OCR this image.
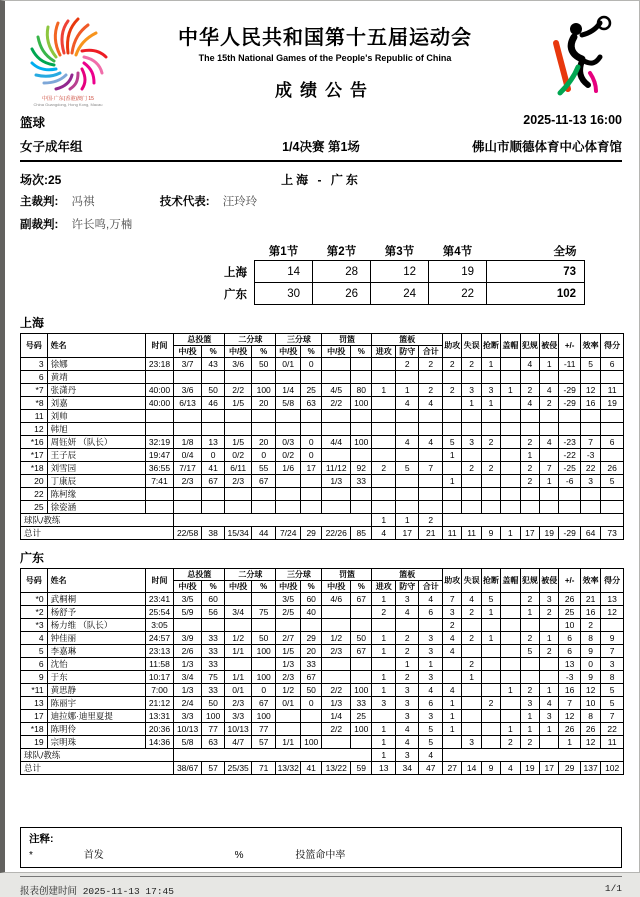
中国·广东(香港)澳门 15
China Guangdong, Hong Kong, Macau
中华人民共和国第十五届运动会
The 15th National Games of the People's Republic of China
成绩公告
篮球	2025-11-13 16:00
女子成年组	1/4决赛 第1场	佛山市顺德体育中心体育馆
场次:25	上海 - 广东
主裁判: 冯祺	技术代表: 汪玲玲
副裁判: 许长鸣,万楠
	第1节	第2节	第3节	第4节	全场
上海	14	28	12	19	73
广东	30	26	24	22	102
上海
号码	姓名	时间	总投篮		二分球		三分球		罚篮		篮板			助攻	失误	抢断	盖帽	犯规	被侵	+/-	效率	得分
			中/投	%	中/投	%	中/投	%	中/投	%	进攻	防守	合计									
3	徐娜	23:18	3/7	43	3/6	50	0/1	0				2	2	2	2	1		4	1	-11	5	6
6	黄靖																					
*7	张潇丹	40:00	3/6	50	2/2	100	1/4	25	4/5	80	1	1	2	2	3	3	1	2	4	-29	12	11
*8	刘嘉	40:00	6/13	46	1/5	20	5/8	63	2/2	100		4	4		1	1		4	2	-29	16	19
11	刘帅																					
12	韩旭																					
*16	周钰妍 （队长）	32:19	1/8	13	1/5	20	0/3	0	4/4	100		4	4	5	3	2		2	4	-23	7	6
*17	王子辰	19:47	0/4	0	0/2	0	0/2	0						1				1		-22	-3	
*18	刘雪园	36:55	7/17	41	6/11	55	1/6	17	11/12	92	2	5	7		2	2		2	7	-25	22	26
20	丁康辰	7:41	2/3	67	2/3	67			1/3	33				1				2	1	-6	3	5
22	陈柯缘																					
25	徐姿涵																					
球队/教练											1	1	2									
总计			22/58	38	15/34	44	7/24	29	22/26	85	4	17	21	11	11	9	1	17	19	-29	64	73
广东
号码	姓名	时间	总投篮		二分球		三分球		罚篮		篮板			助攻	失误	抢断	盖帽	犯规	被侵	+/-	效率	得分
			中/投	%	中/投	%	中/投	%	中/投	%	进攻	防守	合计									
*0	武桐桐	23:41	3/5	60			3/5	60	4/6	67	1	3	4	7	4	5		2	3	26	21	13
*2	杨舒予	25:54	5/9	56	3/4	75	2/5	40			2	4	6	3	2	1		1	2	25	16	12
*3	杨力维 （队长）	3:05												2						10	2	
4	钟佳丽	24:57	3/9	33	1/2	50	2/7	29	1/2	50	1	2	3	4	2	1		2	1	6	8	9
5	李嘉琳	23:13	2/6	33	1/1	100	1/5	20	2/3	67	1	2	3	4				5	2	6	9	7
6	沈怡	11:58	1/3	33			1/3	33				1	1		2					13	0	3
9	于东	10:17	3/4	75	1/1	100	2/3	67			1	2	3		1					-3	9	8
*11	黄思静	7:00	1/3	33	0/1	0	1/2	50	2/2	100	1	3	4	4			1	2	1	16	12	5
13	陈丽宇	21:12	2/4	50	2/3	67	0/1	0	1/3	33	3	3	6	1		2		3	4	7	10	5
17	迪拉娜·迪里夏提	13:31	3/3	100	3/3	100			1/4	25		3	3	1				1	3	12	8	7
*18	陈明伶	20:36	10/13	77	10/13	77			2/2	100	1	4	5	1			1	1	1	26	26	22
19	宗明珠	14:36	5/8	63	4/7	57	1/1	100			1	4	5		3		2	2		1	12	11
球队/教练											1	3	4									
总计			38/67	57	25/35	71	13/32	41	13/22	59	13	34	47	27	14	9	4	19	17	29	137	102
注释:
*	首发	%	投篮命中率
报表创建时间 2025-11-13 17:45	1/1
